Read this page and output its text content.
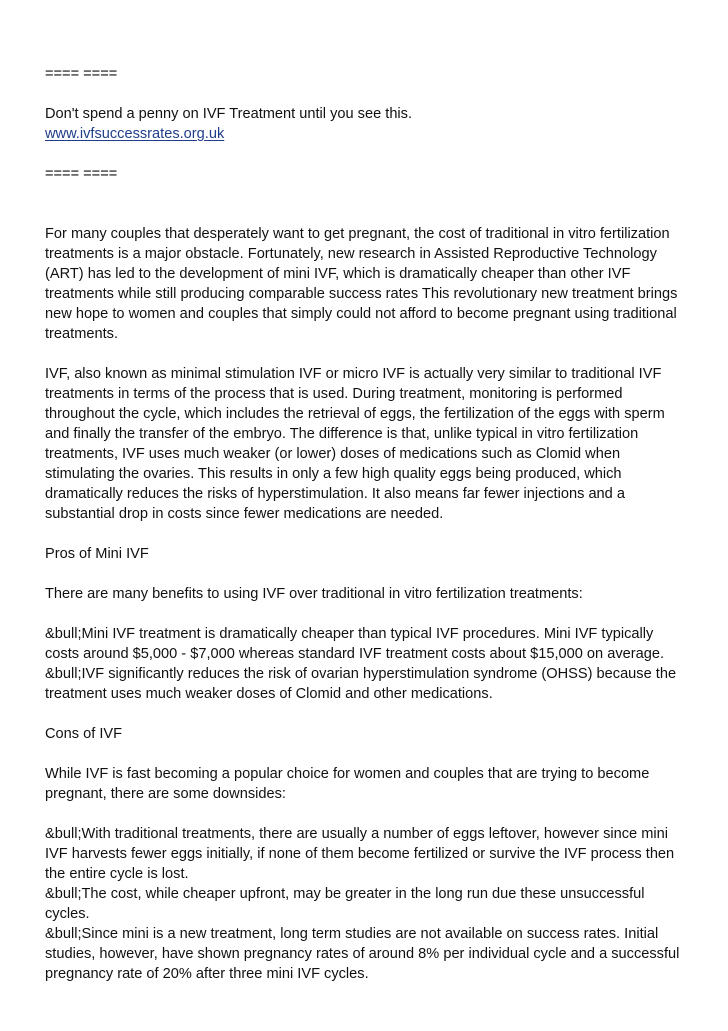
==== ====

Don't spend a penny on IVF Treatment until you see this.

www.ivfsuccessrates.org.uk

==== ====

For many couples that desperately want to get pregnant, the cost of traditional in vitro fertilization
treatments is a major obstacle. Fortunately, new research in Assisted Reproductive Technology
(ART) has led to the development of mini IVF, which is dramatically cheaper than other IVF
treatments while still producing comparable success rates This revolutionary new treatment brings
new hope to women and couples that simply could not afford to become pregnant using traditional
treatments.
IVF, also known as minimal stimulation IVF or micro IVF is actually very similar to traditional IVF
treatments in terms of the process that is used. During treatment, monitoring is performed
throughout the cycle, which includes the retrieval of eggs, the fertilization of the eggs with sperm
and finally the transfer of the embryo. The difference is that, unlike typical in vitro fertilization
treatments, IVF uses much weaker (or lower) doses of medications such as Clomid when
stimulating the ovaries. This results in only a few high quality eggs being produced, which
dramatically reduces the risks of hyperstimulation. It also means far fewer injections and a
substantial drop in costs since fewer medications are needed.

Pros of Mini IVF

There are many benefits to using IVF over traditional in vitro fertilization treatments:

&bull;Mini IVF treatment is dramatically cheaper than typical IVF procedures. Mini IVF typically
costs around $5,000 - $7,000 whereas standard IVF treatment costs about $15,000 on average.
&bull;IVF significantly reduces the risk of ovarian hyperstimulation syndrome (OHSS) because the
treatment uses much weaker doses of Clomid and other medications.

Cons of IVF

While IVF is fast becoming a popular choice for women and couples that are trying to become
pregnant, there are some downsides:
&bull;With traditional treatments, there are usually a number of eggs leftover, however since mini
IVF harvests fewer eggs initially, if none of them become fertilized or survive the IVF process then
the entire cycle is lost.
&bull;The cost, while cheaper upfront, may be greater in the long run due these unsuccessful
cycles.
&bull;Since mini is a new treatment, long term studies are not available on success rates. Initial
studies, however, have shown pregnancy rates of around 8% per individual cycle and a successful
pregnancy rate of 20% after three mini IVF cycles.
